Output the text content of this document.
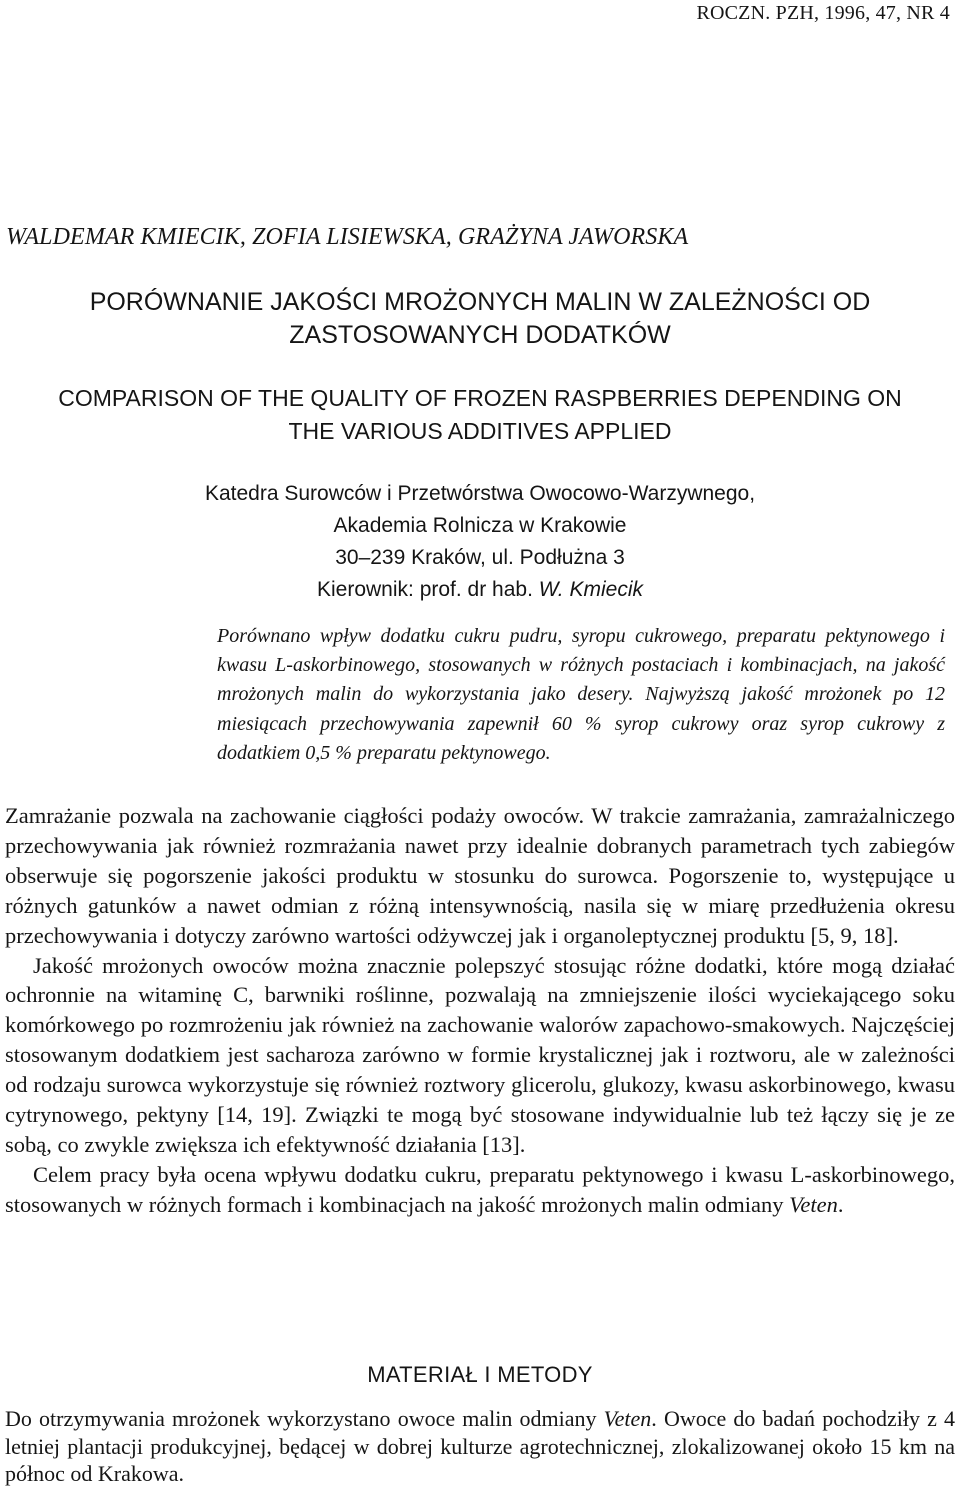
ROCZN. PZH, 1996, 47, NR 4
WALDEMAR KMIECIK, ZOFIA LISIEWSKA, GRAŻYNA JAWORSKA
PORÓWNANIE JAKOŚCI MROŻONYCH MALIN W ZALEŻNOŚCI OD
ZASTOSOWANYCH DODATKÓW
COMPARISON OF THE QUALITY OF FROZEN RASPBERRIES DEPENDING ON
THE VARIOUS ADDITIVES APPLIED
Katedra Surowców i Przetwórstwa Owocowo-Warzywnego,
Akademia Rolnicza w Krakowie
30–239 Kraków, ul. Podłużna 3
Kierownik: prof. dr hab. W. Kmiecik
Porównano wpływ dodatku cukru pudru, syropu cukrowego, preparatu pektynowego i kwasu L-askorbinowego, stosowanych w różnych postaciach i kombinacjach, na jakość mrożonych malin do wykorzystania jako desery. Najwyższą jakość mrożonek po 12 miesiącach przechowywania zapewnił 60 % syrop cukrowy oraz syrop cukrowy z dodatkiem 0,5 % preparatu pektynowego.

Zamrażanie pozwala na zachowanie ciągłości podaży owoców. W trakcie zamrażania, zamrażalniczego przechowywania jak również rozmrażania nawet przy idealnie dobranych parametrach tych zabiegów obserwuje się pogorszenie jakości produktu w stosunku do surowca. Pogorszenie to, występujące u różnych gatunków a nawet odmian z różną intensywnością, nasila się w miarę przedłużenia okresu przechowywania i dotyczy zarówno wartości odżywczej jak i organoleptycznej produktu [5, 9, 18].

Jakość mrożonych owoców można znacznie polepszyć stosując różne dodatki, które mogą działać ochronnie na witaminę C, barwniki roślinne, pozwalają na zmniejszenie ilości wyciekającego soku komórkowego po rozmrożeniu jak również na zachowanie walorów zapachowo-smakowych. Najczęściej stosowanym dodatkiem jest sacharoza zarówno w formie krystalicznej jak i roztworu, ale w zależności od rodzaju surowca wykorzystuje się również roztwory glicerolu, glukozy, kwasu askorbinowego, kwasu cytrynowego, pektyny [14, 19]. Związki te mogą być stosowane indywidualnie lub też łączy się je ze sobą, co zwykle zwiększa ich efektywność działania [13].

Celem pracy była ocena wpływu dodatku cukru, preparatu pektynowego i kwasu L-askorbinowego, stosowanych w różnych formach i kombinacjach na jakość mrożonych malin odmiany Veten.

MATERIAŁ I METODY

Do otrzymywania mrożonek wykorzystano owoce malin odmiany Veten. Owoce do badań pochodziły z 4 letniej plantacji produkcyjnej, będącej w dobrej kulturze agrotechnicznej, zlokalizowanej około 15 km na północ od Krakowa.
